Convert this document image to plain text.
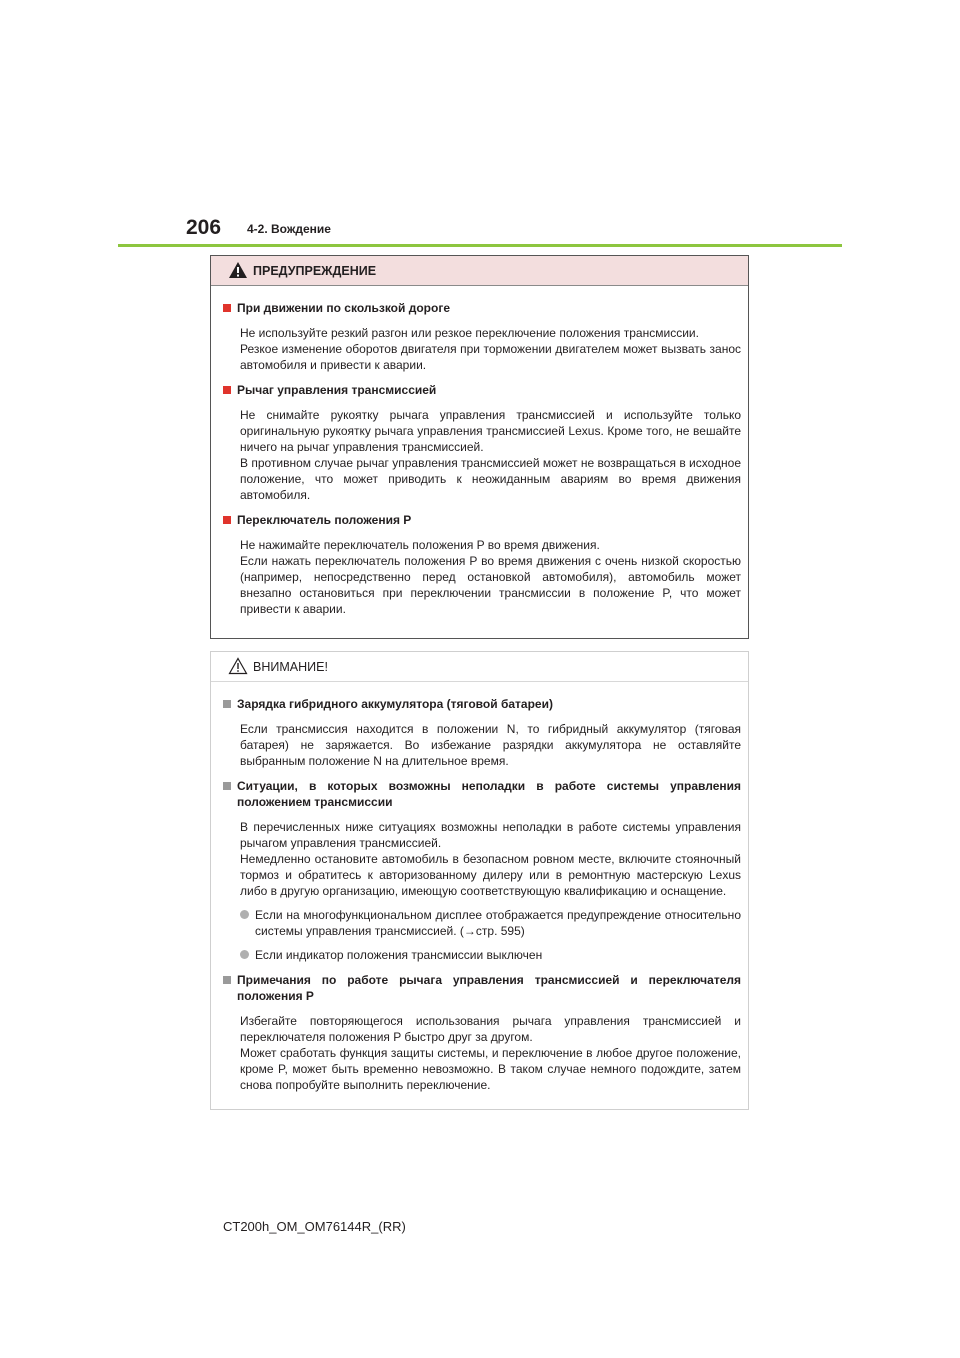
206 4-2. Вождение
ПРЕДУПРЕЖДЕНИЕ
При движении по скользкой дороге
Не используйте резкий разгон или резкое переключение положения трансмиссии.
Резкое изменение оборотов двигателя при торможении двигателем может вызвать занос автомобиля и привести к аварии.
Рычаг управления трансмиссией
Не снимайте рукоятку рычага управления трансмиссией и используйте только оригинальную рукоятку рычага управления трансмиссией Lexus. Кроме того, не вешайте ничего на рычаг управления трансмиссией.
В противном случае рычаг управления трансмиссией может не возвращаться в исходное положение, что может приводить к неожиданным авариям во время движения автомобиля.
Переключатель положения P
Не нажимайте переключатель положения P во время движения.
Если нажать переключатель положения P во время движения с очень низкой скоростью (например, непосредственно перед остановкой автомобиля), автомобиль может внезапно остановиться при переключении трансмиссии в положение P, что может привести к аварии.
ВНИМАНИЕ!
Зарядка гибридного аккумулятора (тяговой батареи)
Если трансмиссия находится в положении N, то гибридный аккумулятор (тяговая батарея) не заряжается. Во избежание разрядки аккумулятора не оставляйте выбранным положение N на длительное время.
Ситуации, в которых возможны неполадки в работе системы управления положением трансмиссии
В перечисленных ниже ситуациях возможны неполадки в работе системы управления рычагом управления трансмиссией.
Немедленно остановите автомобиль в безопасном ровном месте, включите стояночный тормоз и обратитесь к авторизованному дилеру или в ремонтную мастерскую Lexus либо в другую организацию, имеющую соответствующую квалификацию и оснащение.
Если на многофункциональном дисплее отображается предупреждение относительно системы управления трансмиссией. (→стр. 595)
Если индикатор положения трансмиссии выключен
Примечания по работе рычага управления трансмиссией и переключателя положения P
Избегайте повторяющегося использования рычага управления трансмиссией и переключателя положения P быстро друг за другом.
Может сработать функция защиты системы, и переключение в любое другое положение, кроме P, может быть временно невозможно. В таком случае немного подождите, затем снова попробуйте выполнить переключение.
CT200h_OM_OM76144R_(RR)
